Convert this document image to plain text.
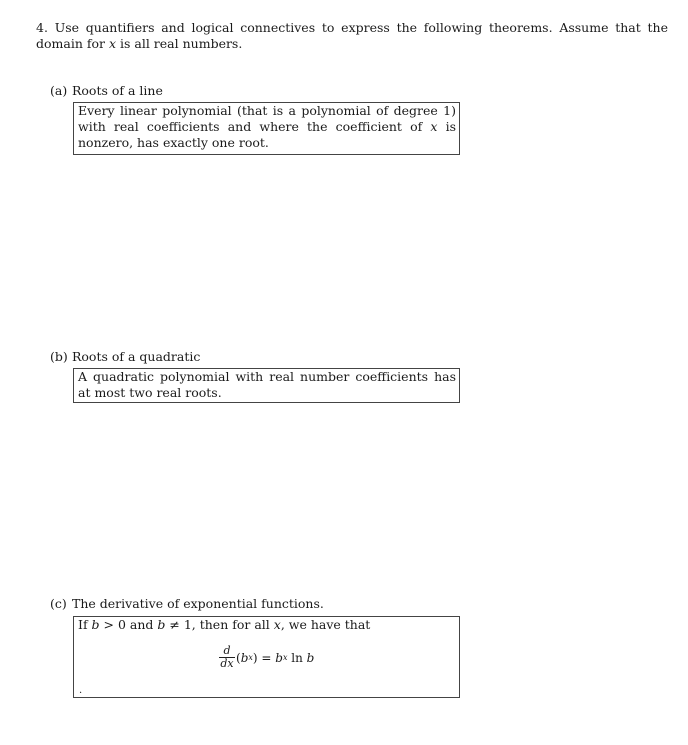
4. Use quantifiers and logical connectives to express the following theorems. Assume that the domain for x is all real numbers.
(a) Roots of a line
Every linear polynomial (that is a polynomial of degree 1) with real coefficients and where the coefficient of x is nonzero, has exactly one root.
(b) Roots of a quadratic
A quadratic polynomial with real number coefficients has at most two real roots.
(c) The derivative of exponential functions.
If b > 0 and b ≠ 1, then for all x, we have that
$\frac{d}{dx}$ ( b x ) = b x ln b
.
